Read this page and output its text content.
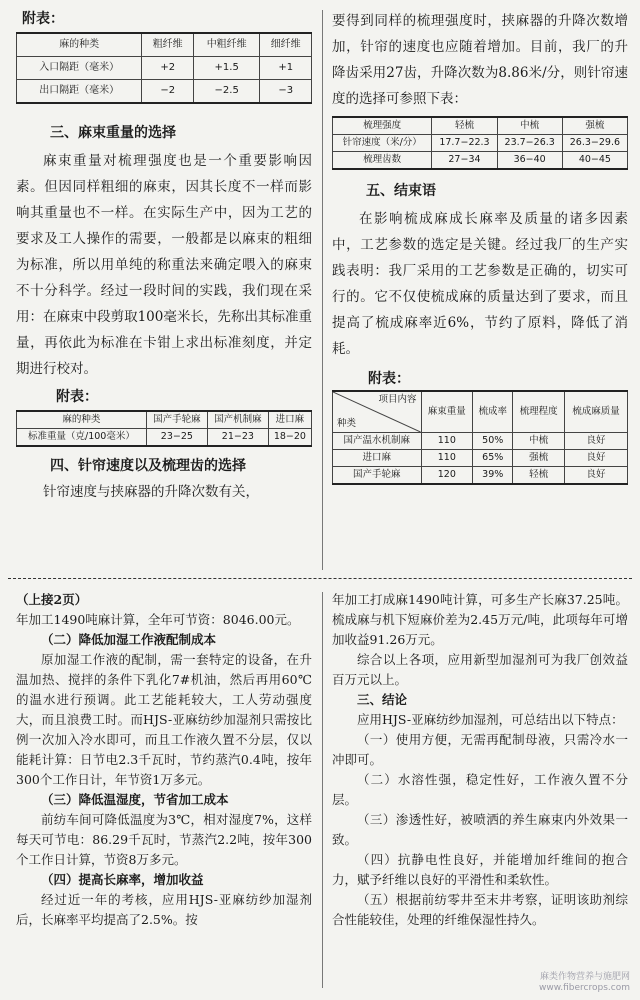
附表：
麻的种类	粗纤维	中粗纤维	细纤维
入口隔距（毫米）	+2	+1.5	+1
出口隔距（毫米）	−2	−2.5	−3
三、麻束重量的选择

麻束重量对梳理强度也是一个重要影响因素。但因同样粗细的麻束，因其长度不一样而影响其重量也不一样。在实际生产中，因为工艺的要求及工人操作的需要，一般都是以麻束的粗细为标准，所以用单纯的称重法来确定喂入的麻束不十分科学。经过一段时间的实践，我们现在采用：在麻束中段剪取100毫米长，先称出其标准重量，再依此为标准在卡钳上求出标准刻度，并定期进行校对。

附表：
麻的种类	国产手轮麻	国产机制麻	进口麻
标准重量（克/100毫米）	23−25	21−23	18−20
四、针帘速度以及梳理齿的选择

针帘速度与挟麻器的升降次数有关，

要得到同样的梳理强度时，挟麻器的升降次数增加，针帘的速度也应随着增加。目前，我厂的升降齿采用27齿，升降次数为8.86米/分，则针帘速度的选择可参照下表：

梳理强度	轻梳	中梳	强梳
针帘速度（米/分）	17.7−22.3	23.7−26.3	26.3−29.6
梳理齿数	27−34	36−40	40−45
五、结束语

在影响梳成麻成长麻率及质量的诸多因素中，工艺参数的选定是关键。经过我厂的生产实践表明：我厂采用的工艺参数是正确的，切实可行的。它不仅使梳成麻的质量达到了要求，而且提高了梳成麻率近6%，节约了原料，降低了消耗。

附表：
项目内容
种类	麻束重量	梳成率	梳理程度	梳成麻质量
国产温水机制麻	110	50%	中梳	良好
进口麻	110	65%	强梳	良好
国产手轮麻	120	39%	轻梳	良好

（上接2页）

年加工1490吨麻计算，全年可节资：8046.00元。

（二）降低加湿工作液配制成本

原加湿工作液的配制，需一套特定的设备，在升温加热、搅拌的条件下乳化7#机油，然后再用60℃的温水进行预调。此工艺能耗较大，工人劳动强度大，而且浪费工时。而HJS-亚麻纺纱加湿剂只需按比例一次加入冷水即可，而且工作液久置不分层，仅以能耗计算：日节电2.3千瓦时，节约蒸汽0.4吨，按年300个工作日计，年节资1万多元。

（三）降低温湿度，节省加工成本

前纺车间可降低温度为3℃，相对湿度7%，这样每天可节电：86.29千瓦时，节蒸汽2.2吨，按年300个工作日计算，节资8万多元。

（四）提高长麻率，增加收益

经过近一年的考核，应用HJS-亚麻纺纱加湿剂后，长麻率平均提高了2.5%。按

年加工打成麻1490吨计算，可多生产长麻37.25吨。梳成麻与机下短麻价差为2.45万元/吨，此项每年可增加收益91.26万元。

综合以上各项，应用新型加湿剂可为我厂创效益百万元以上。

三、结论

应用HJS-亚麻纺纱加湿剂，可总结出以下特点：

（一）使用方便，无需再配制母液，只需冷水一冲即可。

（二）水溶性强，稳定性好，工作液久置不分层。

（三）渗透性好，被喷洒的养生麻束内外效果一致。

（四）抗静电性良好，并能增加纤维间的抱合力，赋予纤维以良好的平滑性和柔软性。

（五）根据前纺零井至末井考察，证明该助剂综合性能较佳，处理的纤维保湿性持久。

麻类作物营养与施肥网
www.fibercrops.com
